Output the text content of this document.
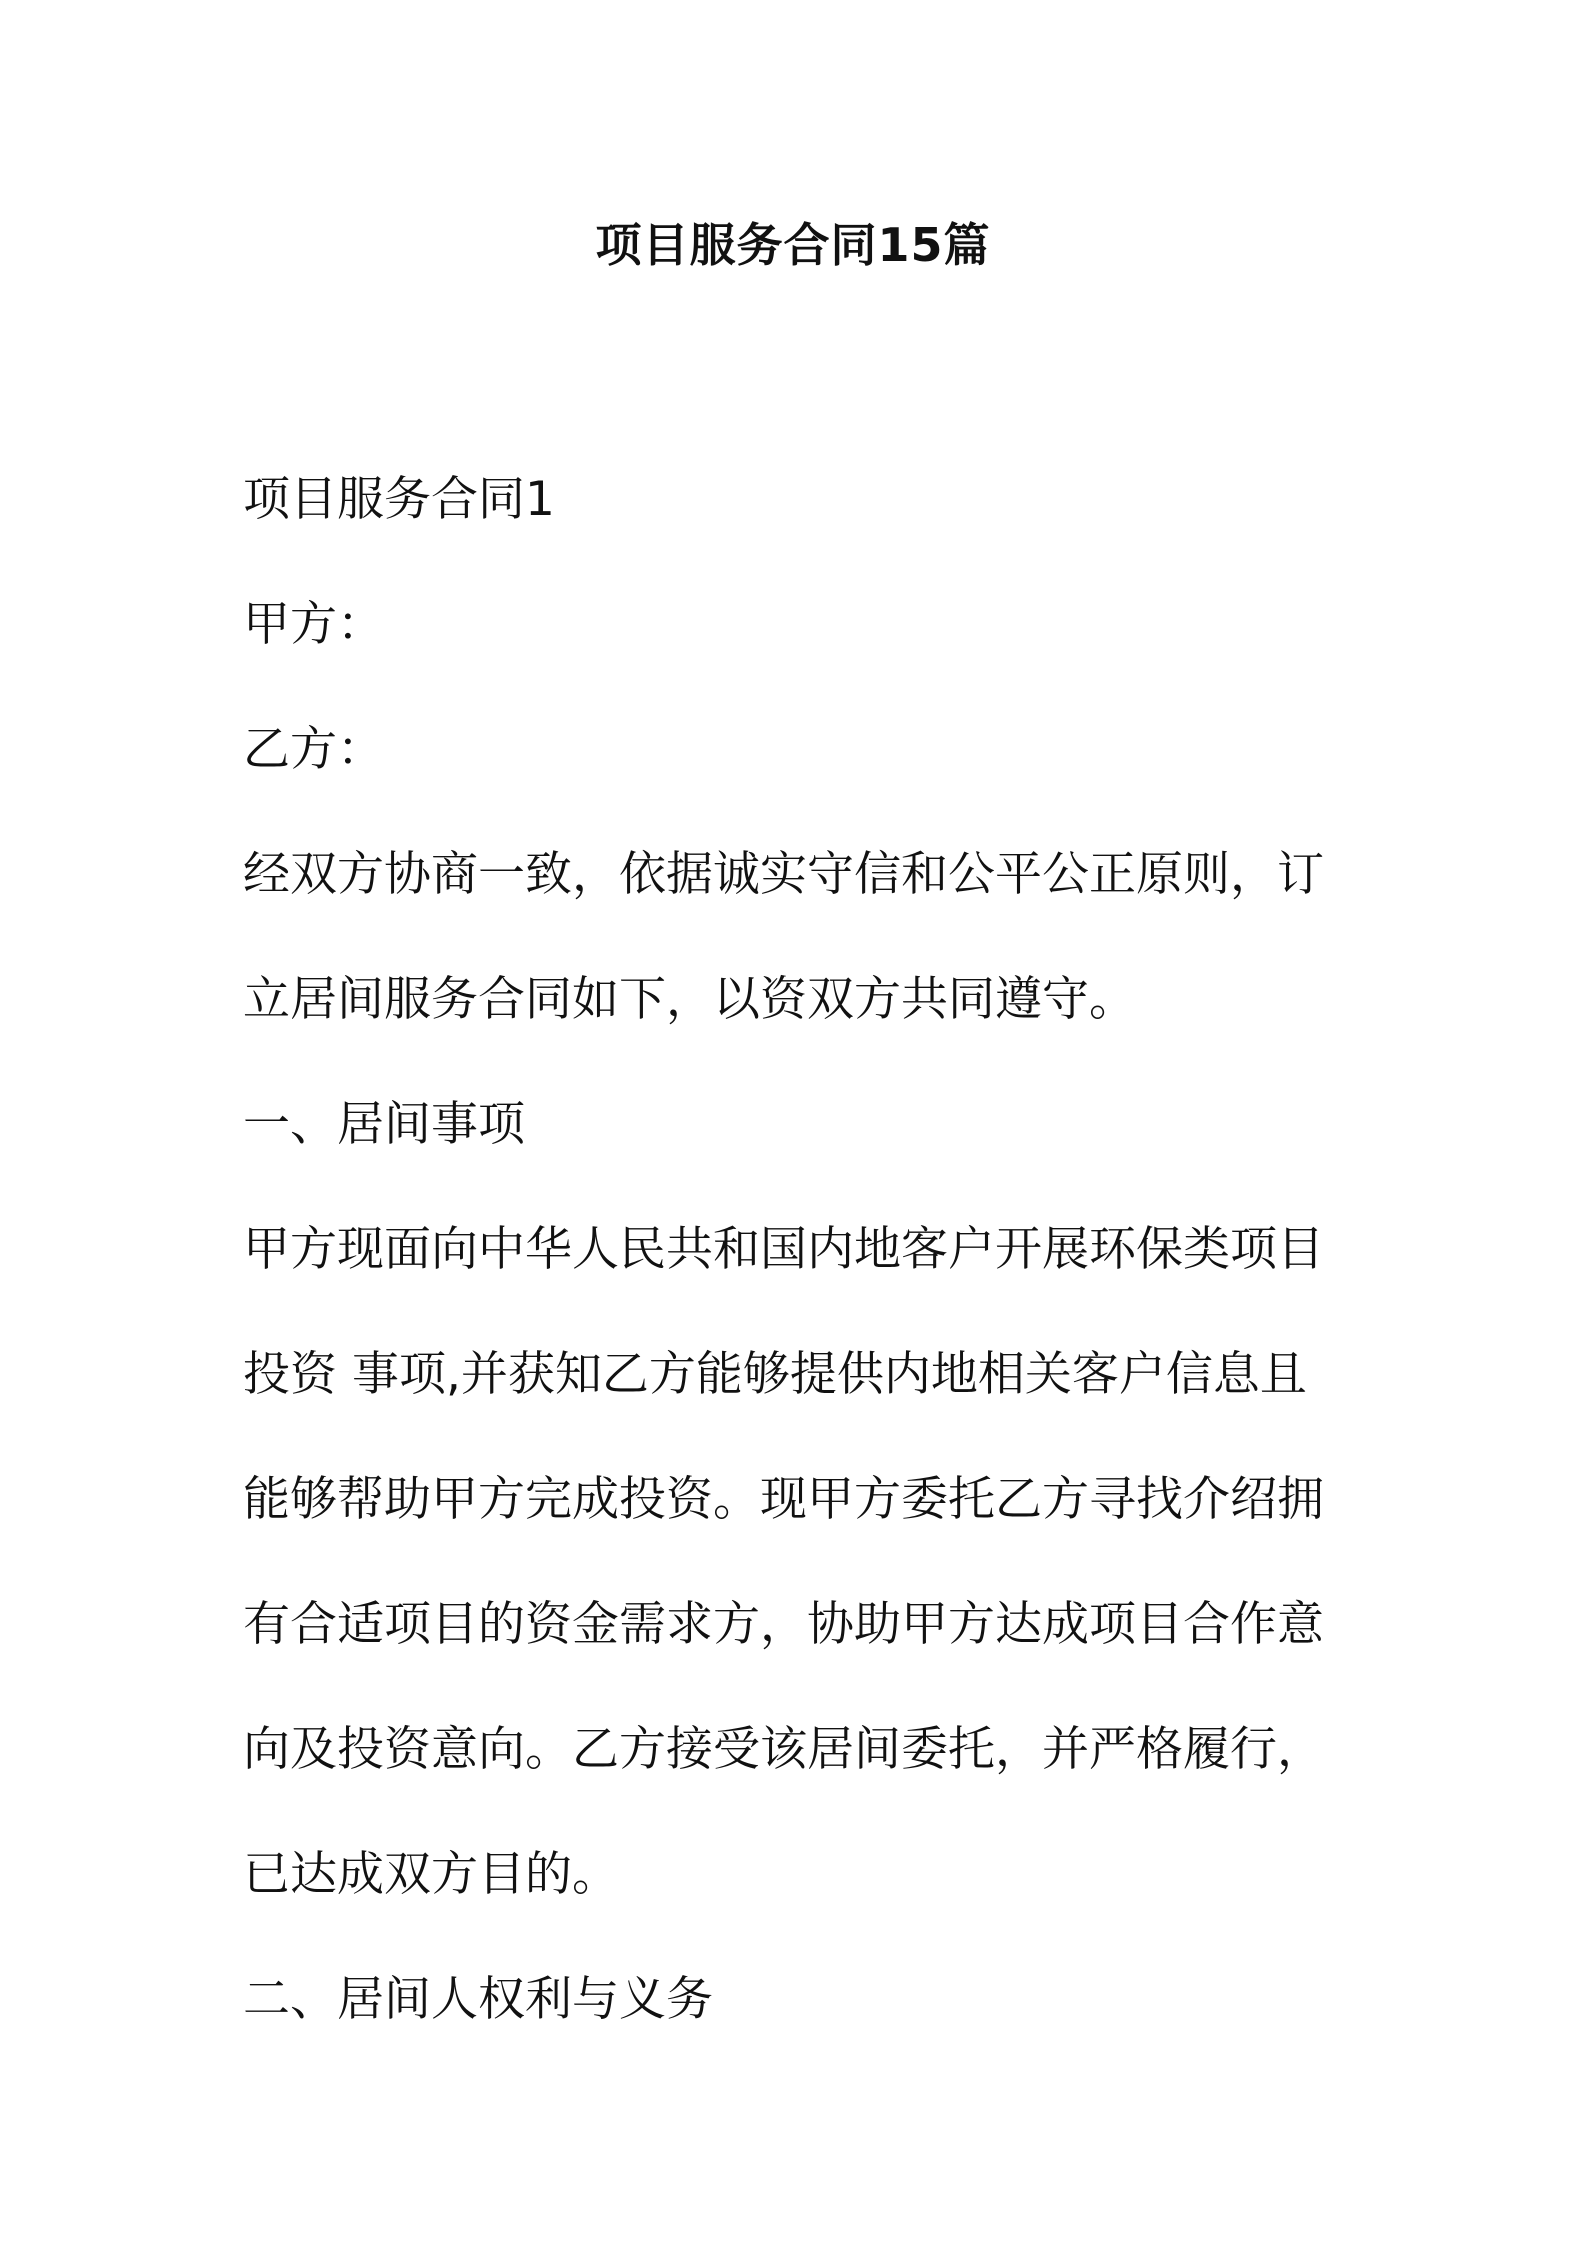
项目服务合同15篇
项目服务合同1
甲方：
乙方：
经双方协商一致，依据诚实守信和公平公正原则，订
立居间服务合同如下，以资双方共同遵守。
一、居间事项
甲方现面向中华人民共和国内地客户开展环保类项目
投资 事项,并获知乙方能够提供内地相关客户信息且
能够帮助甲方完成投资。现甲方委托乙方寻找介绍拥
有合适项目的资金需求方，协助甲方达成项目合作意
向及投资意向。乙方接受该居间委托，并严格履行，
已达成双方目的。
二、居间人权利与义务
